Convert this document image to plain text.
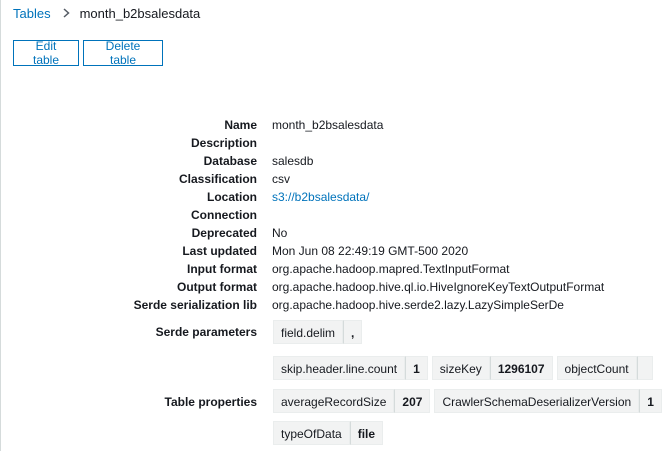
Tables month_b2bsalesdata
Edit table
Delete table
Name month_b2bsalesdata
Description
Database salesdb
Classification csv
Location s3://b2bsalesdata/
Connection
Deprecated No
Last updated Mon Jun 08 22:49:19 GMT-500 2020
Input format org.apache.hadoop.mapred.TextInputFormat
Output format org.apache.hadoop.hive.ql.io.HiveIgnoreKeyTextOutputFormat
Serde serialization lib org.apache.hadoop.hive.serde2.lazy.LazySimpleSerDe
Serde parameters	field.delim	,
skip.header.line.count	1	sizeKey	1296107	objectCount
Table properties	averageRecordSize	207	CrawlerSchemaDeserializerVersion	1
typeOfData	file
